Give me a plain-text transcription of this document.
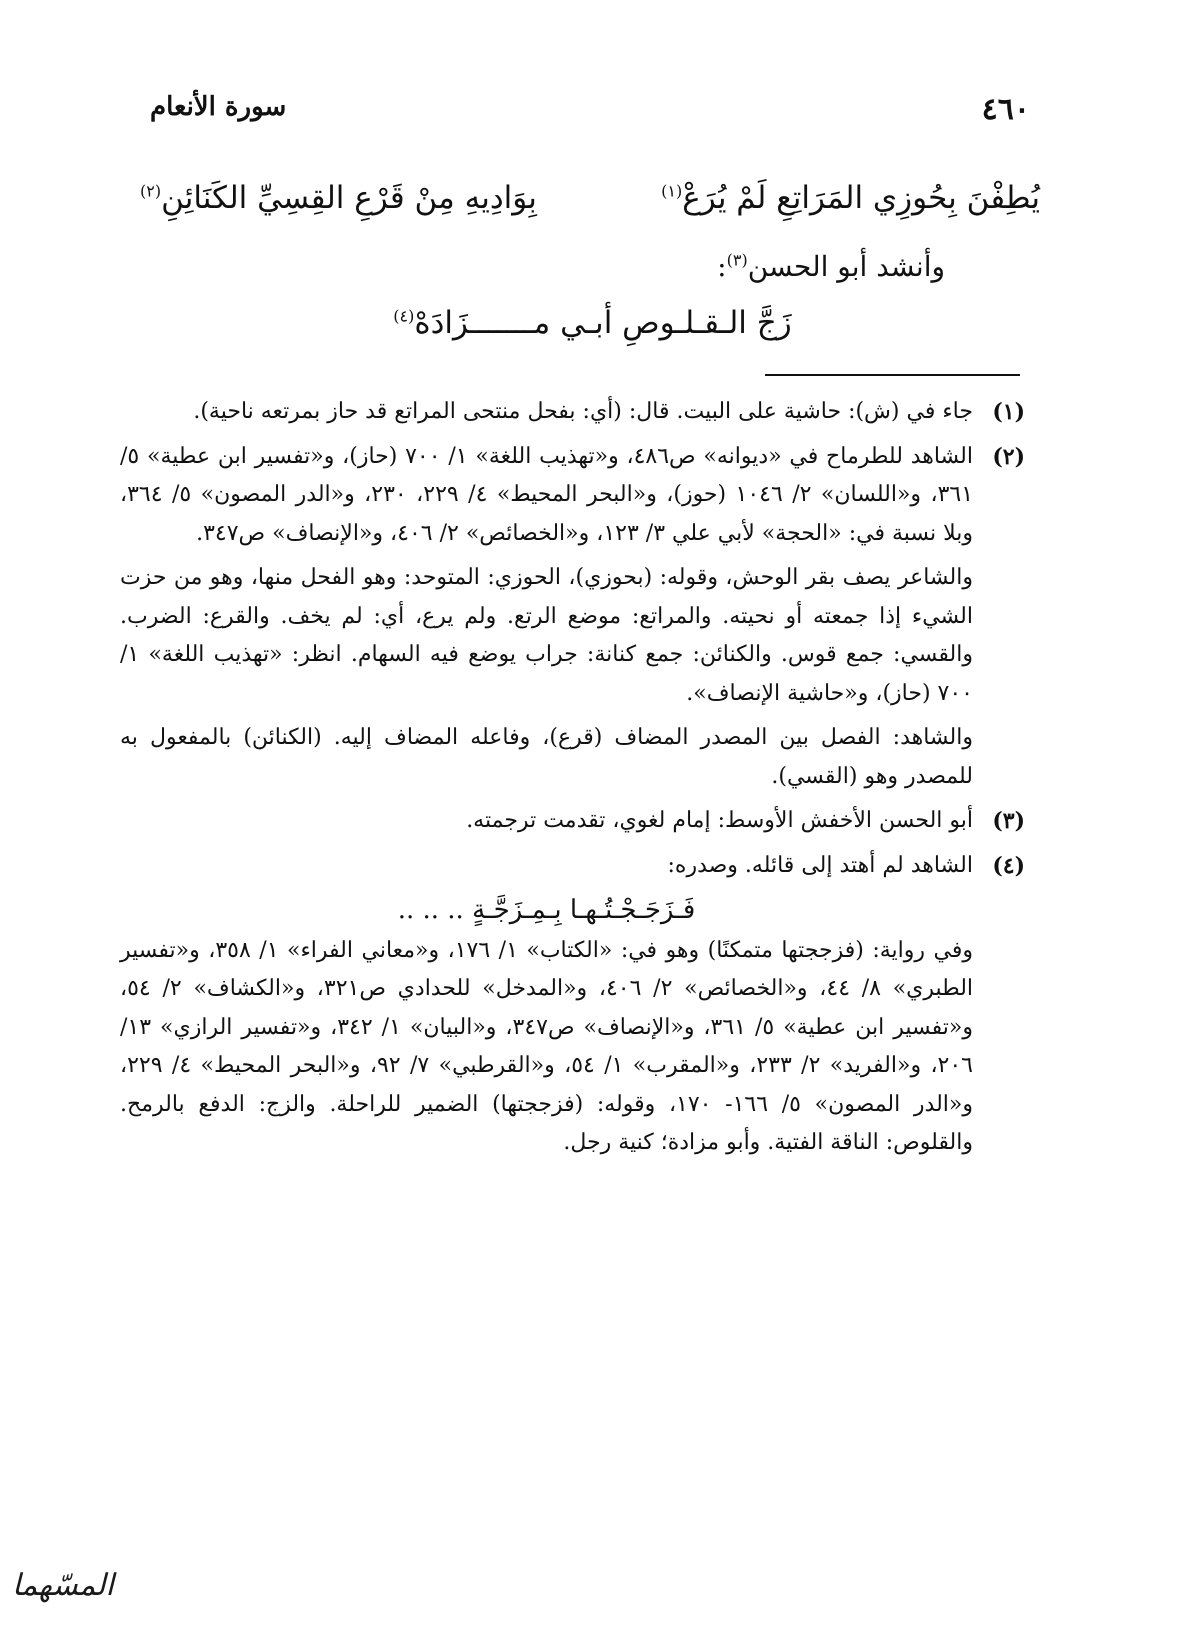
٤٦٠
سورة الأنعام
يُطِفْنَ بِحُوزِي المَرَاتِعِ لَمْ يُرَعْ$^{(١)}$
بِوَادِيهِ مِنْ قَرْعِ القِسِيِّ الكَنَائِنِ$^{(٢)}$
وأنشد أبو الحسن$^{(٣)}$:
زَجَّ الـقـلـوصِ أبـي مـــــــزَادَهْ$^{(٤)}$
(١)

جاء في (ش): حاشية على البيت. قال: (أي: بفحل منتحى المراتع قد حاز بمرتعه ناحية).

(٢)

الشاهد للطرماح في «ديوانه» ص٤٨٦، و«تهذيب اللغة» ١/ ٧٠٠ (حاز)، و«تفسير ابن عطية» ٥/ ٣٦١، و«اللسان» ٢/ ١٠٤٦ (حوز)، و«البحر المحيط» ٤/ ٢٢٩، ٢٣٠، و«الدر المصون» ٥/ ٣٦٤، وبلا نسبة في: «الحجة» لأبي علي ٣/ ١٢٣، و«الخصائص» ٢/ ٤٠٦، و«الإنصاف» ص٣٤٧.

والشاعر يصف بقر الوحش، وقوله: (بحوزي)، الحوزي: المتوحد: وهو الفحل منها، وهو من حزت الشيء إذا جمعته أو نحيته. والمراتع: موضع الرتع. ولم يرع، أي: لم يخف. والقرع: الضرب. والقسي: جمع قوس. والكنائن: جمع كنانة: جراب يوضع فيه السهام. انظر: «تهذيب اللغة» ١/ ٧٠٠ (حاز)، و«حاشية الإنصاف».

والشاهد: الفصل بين المصدر المضاف (قرع)، وفاعله المضاف إليه. (الكنائن) بالمفعول به للمصدر وهو (القسي).

(٣)

أبو الحسن الأخفش الأوسط: إمام لغوي، تقدمت ترجمته.

(٤)

الشاهد لم أهتد إلى قائله. وصدره:

فَـزَجَـجْـتُـهـا بِـمِـزَجَّـةٍ .. .. ..

وفي رواية: (فزججتها متمكنًا) وهو في: «الكتاب» ١/ ١٧٦، و«معاني الفراء» ١/ ٣٥٨، و«تفسير الطبري» ٨/ ٤٤، و«الخصائص» ٢/ ٤٠٦، و«المدخل» للحدادي ص٣٢١، و«الكشاف» ٢/ ٥٤، و«تفسير ابن عطية» ٥/ ٣٦١، و«الإنصاف» ص٣٤٧، و«البيان» ١/ ٣٤٢، و«تفسير الرازي» ١٣/ ٢٠٦، و«الفريد» ٢/ ٢٣٣، و«المقرب» ١/ ٥٤، و«القرطبي» ٧/ ٩٢، و«البحر المحيط» ٤/ ٢٢٩، و«الدر المصون» ٥/ ١٦٦- ١٧٠، وقوله: (فزججتها) الضمير للراحلة. والزج: الدفع بالرمح. والقلوص: الناقة الفتية. وأبو مزادة؛ كنية رجل.

المسّهما
